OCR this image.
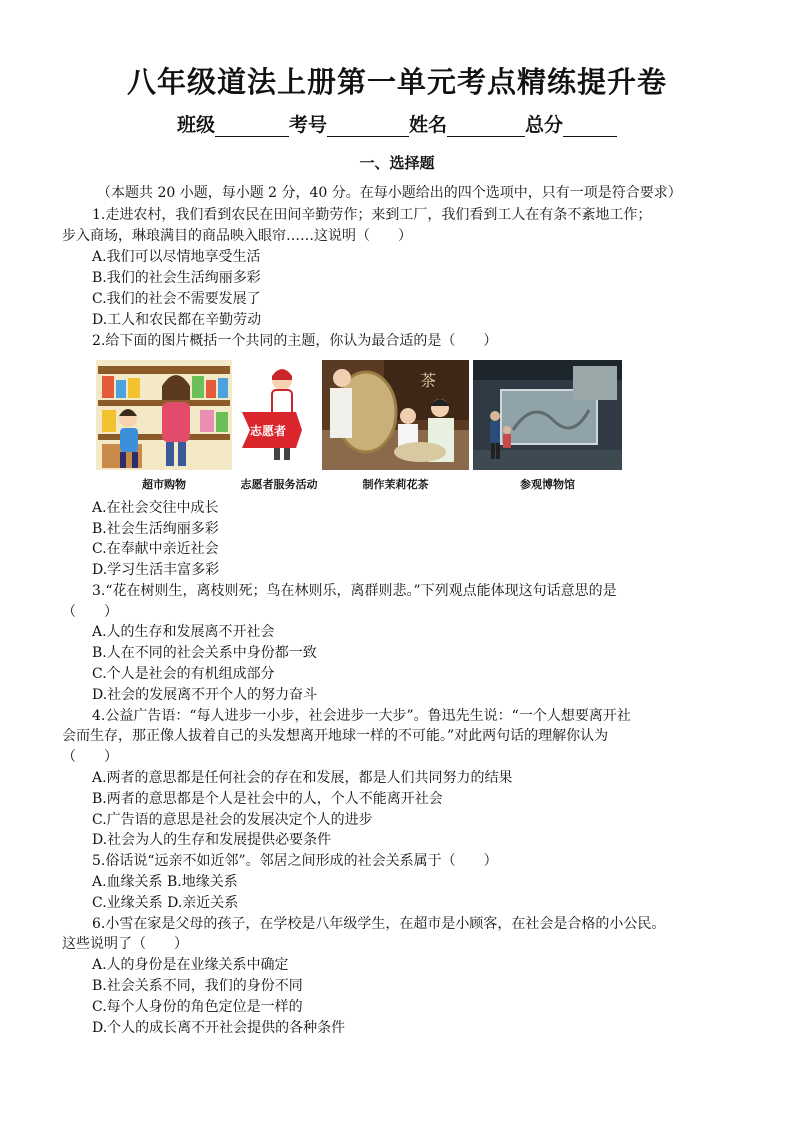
八年级道法上册第一单元考点精练提升卷
班级	考号	姓名	总分
一、选择题
（本题共 20 小题，每小题 2 分，40 分。在每小题给出的四个选项中，只有一项是符合要求）
1.走进农村，我们看到农民在田间辛勤劳作；来到工厂，我们看到工人在有条不紊地工作；
步入商场，琳琅满目的商品映入眼帘……这说明（　　）
A.我们可以尽情地享受生活
B.我们的社会生活绚丽多彩
C.我们的社会不需要发展了
D.工人和农民都在辛勤劳动
2.给下面的图片概括一个共同的主题，你认为最合适的是（　　）
志愿者
茶
超市购物	志愿者服务活动	制作茉莉花茶	参观博物馆
A.在社会交往中成长
B.社会生活绚丽多彩
C.在奉献中亲近社会
D.学习生活丰富多彩
3.“花在树则生，离枝则死；鸟在林则乐，离群则悲。”下列观点能体现这句话意思的是
（　　）
A.人的生存和发展离不开社会
B.人在不同的社会关系中身份都一致
C.个人是社会的有机组成部分
D.社会的发展离不开个人的努力奋斗
4.公益广告语：“每人进步一小步，社会进步一大步”。鲁迅先生说：“一个人想要离开社
会而生存，那正像人拔着自己的头发想离开地球一样的不可能。”对此两句话的理解你认为
（　　）
A.两者的意思都是任何社会的存在和发展，都是人们共同努力的结果
B.两者的意思都是个人是社会中的人，个人不能离开社会
C.广告语的意思是社会的发展决定个人的进步
D.社会为人的生存和发展提供必要条件
5.俗话说“远亲不如近邻”。邻居之间形成的社会关系属于（　　）
A.血缘关系 B.地缘关系
C.业缘关系 D.亲近关系
6.小雪在家是父母的孩子，在学校是八年级学生，在超市是小顾客，在社会是合格的小公民。
这些说明了（　　）
A.人的身份是在业缘关系中确定
B.社会关系不同，我们的身份不同
C.每个人身份的角色定位是一样的
D.个人的成长离不开社会提供的各种条件
